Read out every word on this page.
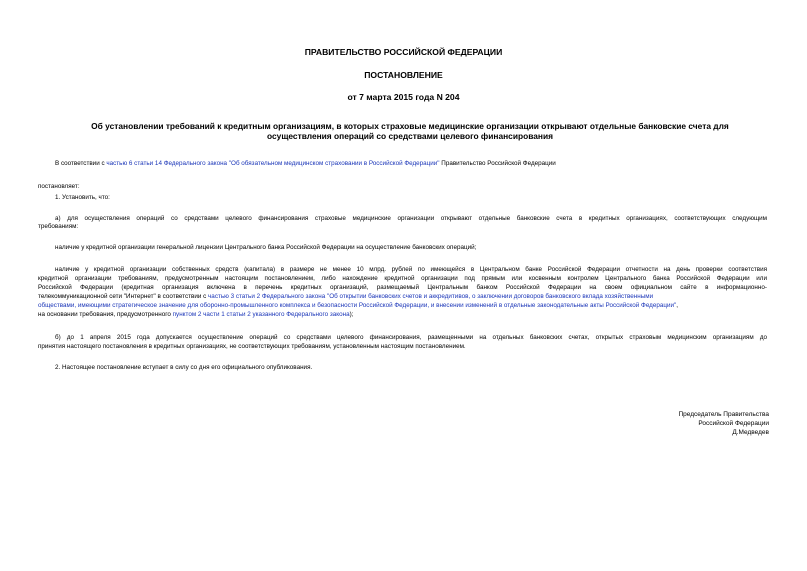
ПРАВИТЕЛЬСТВО РОССИЙСКОЙ ФЕДЕРАЦИИ
ПОСТАНОВЛЕНИЕ
от 7 марта 2015 года N 204
Об установлении требований к кредитным организациям, в которых страховые медицинские организации открывают отдельные банковские счета для
осуществления операций со средствами целевого финансирования
В соответствии с частью 6 статьи 14 Федерального закона "Об обязательном медицинском страховании в Российской Федерации" Правительство Российской Федерации
постановляет:
1. Установить, что:
а) для осуществления операций со средствами целевого финансирования страховые медицинские организации открывают отдельные банковские счета в кредитных организациях, соответствующих следующим
требованиям:
наличие у кредитной организации генеральной лицензии Центрального банка Российской Федерации на осуществление банковских операций;
наличие у кредитной организации собственных средств (капитала) в размере не менее 10 млрд. рублей по имеющейся в Центральном банке Российской Федерации отчетности на день проверки соответствия
кредитной организации требованиям, предусмотренным настоящим постановлением, либо нахождение кредитной организации под прямым или косвенным контролем Центрального банка Российской Федерации или
Российской Федерации (кредитная организация включена в перечень кредитных организаций, размещаемый Центральным банком Российской Федерации на своем официальном сайте в информационно-
телекоммуникационной сети "Интернет" в соответствии с частью 3 статьи 2 Федерального закона "Об открытии банковских счетов и аккредитивов, о заключении договоров банковского вклада хозяйственными
обществами, имеющими стратегическое значение для оборонно-промышленного комплекса и безопасности Российской Федерации, и внесении изменений в отдельные законодательные акты Российской Федерации",
на основании требования, предусмотренного пунктом 2 части 1 статьи 2 указанного Федерального закона);
б) до 1 апреля 2015 года допускается осуществление операций со средствами целевого финансирования, размещенными на отдельных банковских счетах, открытых страховым медицинским организациям до
принятия настоящего постановления в кредитных организациях, не соответствующих требованиям, установленным настоящим постановлением.
2. Настоящее постановление вступает в силу со дня его официального опубликования.
Председатель Правительства
Российской Федерации
Д.Медведев
